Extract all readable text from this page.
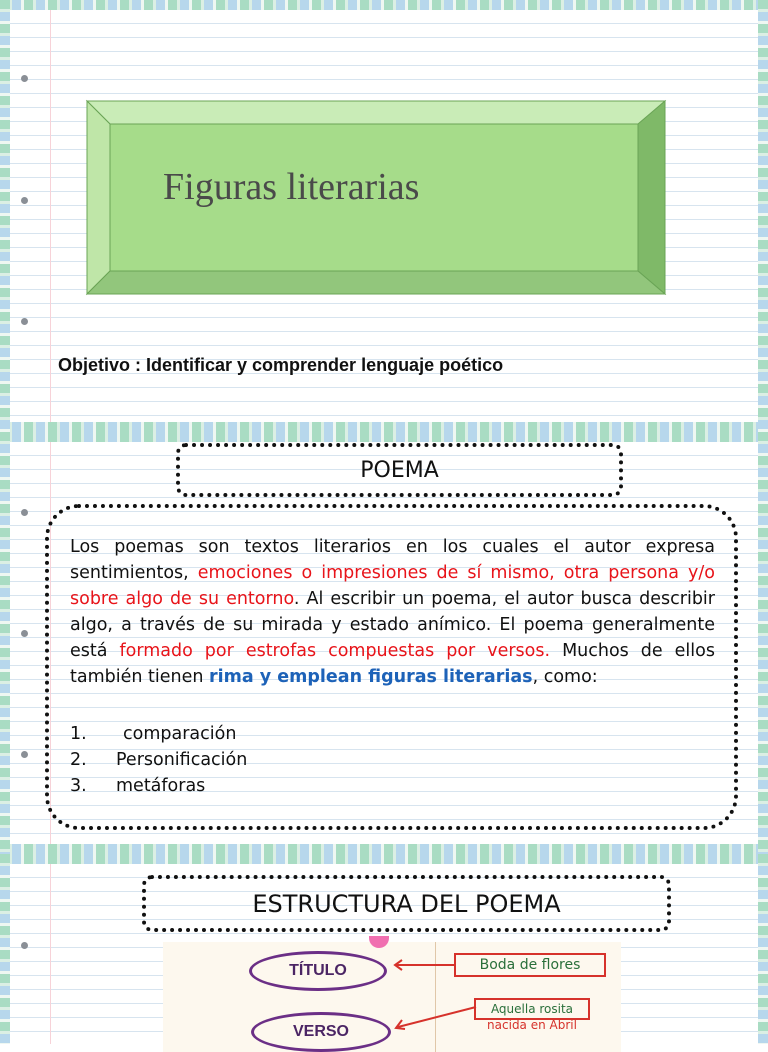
Figuras literarias
Objetivo : Identificar y comprender lenguaje poético
POEMA
Los poemas son textos literarios en los cuales el autor expresa sentimientos, emociones o impresiones de sí mismo, otra persona y/o sobre algo de su entorno. Al escribir un poema, el autor busca describir algo, a través de su mirada y estado anímico. El poema generalmente está formado por estrofas compuestas por versos. Muchos de ellos también tienen rima y emplean figuras literarias, como:
1. comparación
2. Personificación
3. metáforas
ESTRUCTURA DEL POEMA
TÍTULO
VERSO
Boda de flores
Aquella rosita
nacida en Abril
